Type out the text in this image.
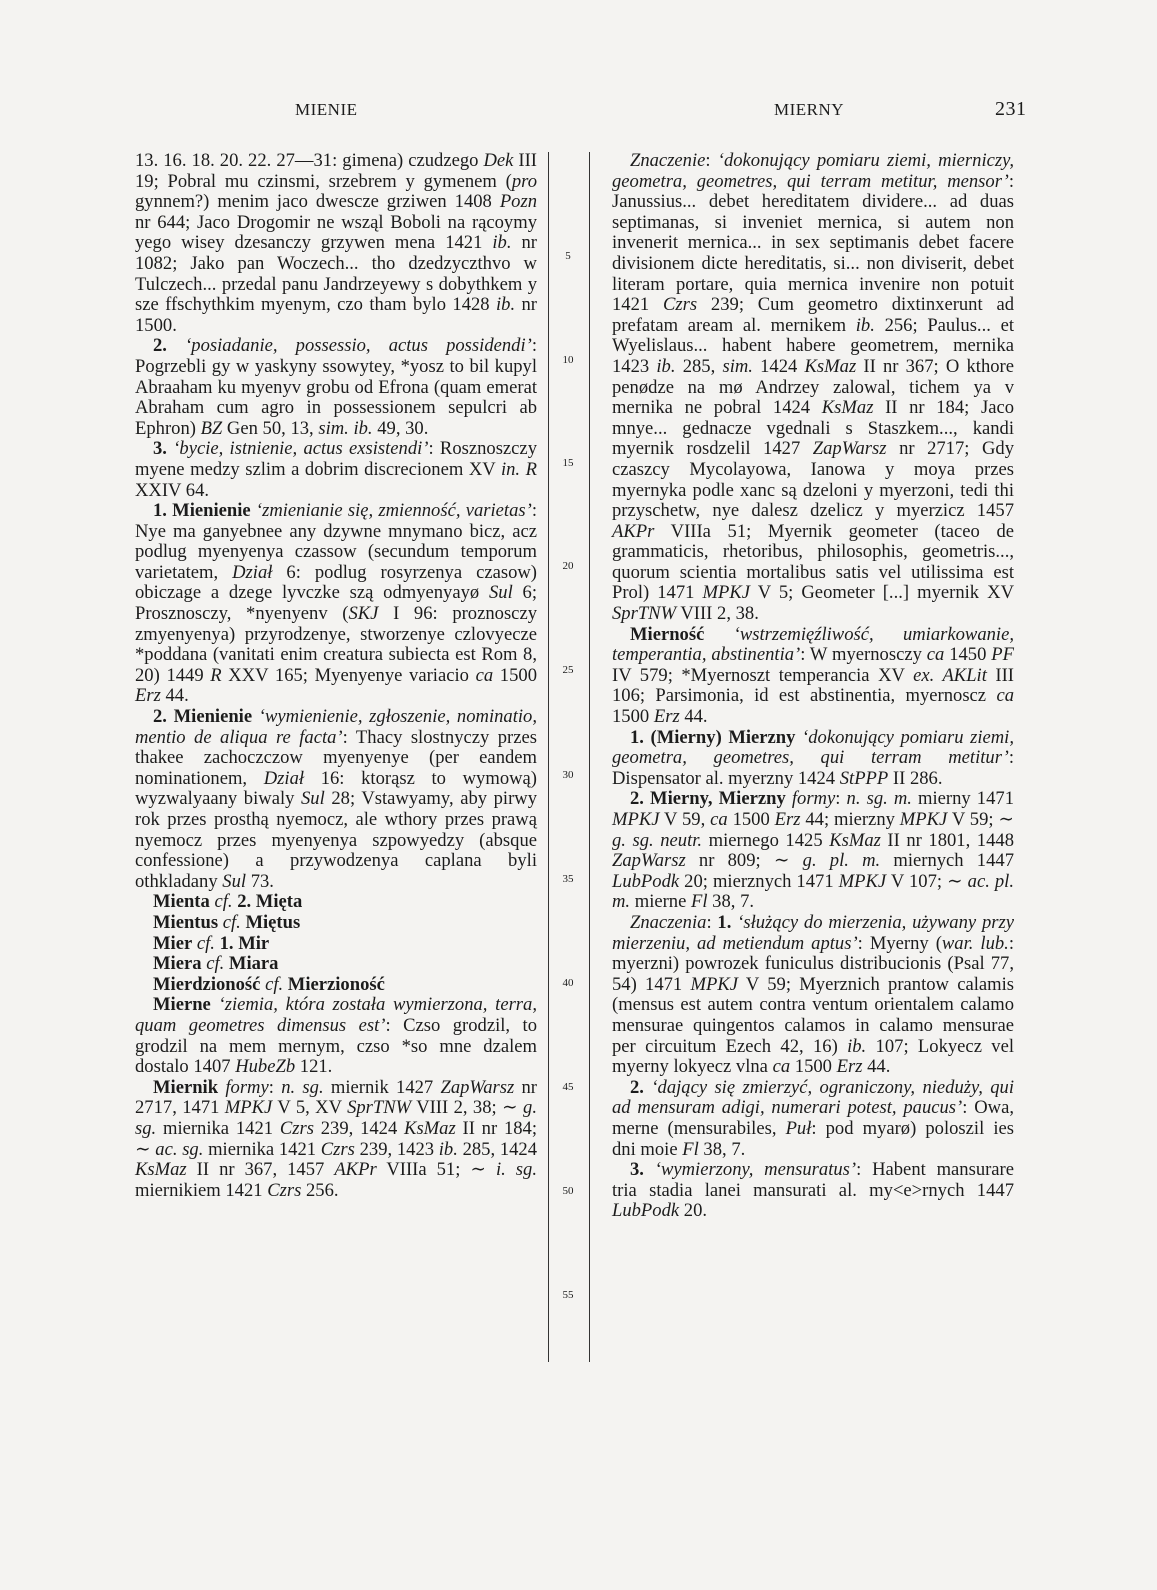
MIENIE	MIERNY	231

13. 16. 18. 20. 22. 27—31: gimena) czudzego Dek III 19; Pobral mu czinsmi, srzebrem y gymenem (pro gynnem?) menim jaco dwescze grziwen 1408 Pozn nr 644; Jaco Drogomir ne wsząl Boboli na rącoymy yego wisey dzesanczy grzywen mena 1421 ib. nr 1082; Jako pan Woczech... tho dzedzyczthvo w Tulczech... przedal panu Jandrzeyewy s dobythkem y sze ffschythkim myenym, czo tham bylo 1428 ib. nr 1500.

2. ‘posiadanie, possessio, actus possidendi’: Pogrzebli gy w yaskyny ssowytey, *yosz to bil kupyl Abraaham ku myenyv grobu od Efrona (quam emerat Abraham cum agro in possessionem sepulcri ab Ephron) BZ Gen 50, 13, sim. ib. 49, 30.

3. ‘bycie, istnienie, actus exsistendi’: Rosznoszczy myene medzy szlim a dobrim discrecionem XV in. R XXIV 64.

1. Mienienie ‘zmienianie się, zmienność, varietas’: Nye ma ganyebnee any dzywne mnymano bicz, acz podlug myenyenya czassow (secundum temporum varietatem, Dział 6: podlug rosyrzenya czasow) obiczage a dzege lyvczke szą odmyenyayø Sul 6; Prosznosczy, *nyenyenv (SKJ I 96: proznosczy zmyenyenya) przyrodzenye, stworzenye czlovyecze *poddana (vanitati enim creatura subiecta est Rom 8, 20) 1449 R XXV 165; Myenyenye variacio ca 1500 Erz 44.

2. Mienienie ‘wymienienie, zgłoszenie, nominatio, mentio de aliqua re facta’: Thacy slostnyczy przes thakee zachoczczow myenyenye (per eandem nominationem, Dział 16: ktorąsz to wymową) wyzwalyaany biwaly Sul 28; Vstawyamy, aby pirwy rok przes prosthą nyemocz, ale wthory przes prawą nyemocz przes myenyenya szpowyedzy (absque confessione) a przywodzenya caplana byli othkladany Sul 73.

Mienta cf. 2. Mięta

Mientus cf. Miętus

Mier cf. 1. Mir

Miera cf. Miara

Mierdzioność cf. Mierzioność

Mierne ‘ziemia, która została wymierzona, terra, quam geometres dimensus est’: Czso grodzil, to grodzil na mem mernym, czso *so mne dzalem dostalo 1407 HubeZb 121.

Miernik formy: n. sg. miernik 1427 ZapWarsz nr 2717, 1471 MPKJ V 5, XV SprTNW VIII 2, 38; ∼ g. sg. miernika 1421 Czrs 239, 1424 KsMaz II nr 184; ∼ ac. sg. miernika 1421 Czrs 239, 1423 ib. 285, 1424 KsMaz II nr 367, 1457 AKPr VIIIa 51; ∼ i. sg. miernikiem 1421 Czrs 256.

5
10
15
20
25
30
35
40
45
50
55

Znaczenie: ‘dokonujący pomiaru ziemi, mierniczy, geometra, geometres, qui terram metitur, mensor’: Janussius... debet hereditatem dividere... ad duas septimanas, si inveniet mernica, si autem non invenerit mernica... in sex septimanis debet facere divisionem dicte hereditatis, si... non diviserit, debet literam portare, quia mernica invenire non potuit 1421 Czrs 239; Cum geometro dixtinxerunt ad prefatam aream al. mernikem ib. 256; Paulus... et Wyelislaus... habent habere geometrem, mernika 1423 ib. 285, sim. 1424 KsMaz II nr 367; O kthore penødze na mø Andrzey zalowal, tichem ya v mernika ne pobral 1424 KsMaz II nr 184; Jaco mnye... gednacze vgednali s Staszkem..., kandi myernik rosdzelil 1427 ZapWarsz nr 2717; Gdy czaszcy Mycolayowa, Ianowa y moya przes myernyka podle xanc są dzeloni y myerzoni, tedi thi przyschetw, nye dalesz dzelicz y myerzicz 1457 AKPr VIIIa 51; Myernik geometer (taceo de grammaticis, rhetoribus, philosophis, geometris..., quorum scientia mortalibus satis vel utilissima est Prol) 1471 MPKJ V 5; Geometer [...] myernik XV SprTNW VIII 2, 38.

Mierność ‘wstrzemięźliwość, umiarkowanie, temperantia, abstinentia’: W myernosczy ca 1450 PF IV 579; *Myernoszt temperancia XV ex. AKLit III 106; Parsimonia, id est abstinentia, myernoscz ca 1500 Erz 44.

1. (Mierny) Mierzny ‘dokonujący pomiaru ziemi, geometra, geometres, qui terram metitur’: Dispensator al. myerzny 1424 StPPP II 286.

2. Mierny, Mierzny formy: n. sg. m. mierny 1471 MPKJ V 59, ca 1500 Erz 44; mierzny MPKJ V 59; ∼ g. sg. neutr. miernego 1425 KsMaz II nr 1801, 1448 ZapWarsz nr 809; ∼ g. pl. m. miernych 1447 LubPodk 20; mierznych 1471 MPKJ V 107; ∼ ac. pl. m. mierne Fl 38, 7.

Znaczenia: 1. ‘służący do mierzenia, używany przy mierzeniu, ad metiendum aptus’: Myerny (war. lub.: myerzni) powrozek funiculus distribucionis (Psal 77, 54) 1471 MPKJ V 59; Myerznich prantow calamis (mensus est autem contra ventum orientalem calamo mensurae quingentos calamos in calamo mensurae per circuitum Ezech 42, 16) ib. 107; Lokyecz vel myerny lokyecz vlna ca 1500 Erz 44.

2. ‘dający się zmierzyć, ograniczony, nieduży, qui ad mensuram adigi, numerari potest, paucus’: Owa, merne (mensurabiles, Puł: pod myarø) poloszil ies dni moie Fl 38, 7.

3. ‘wymierzony, mensuratus’: Habent mansurare tria stadia lanei mansurati al. my<e>rnych 1447 LubPodk 20.
